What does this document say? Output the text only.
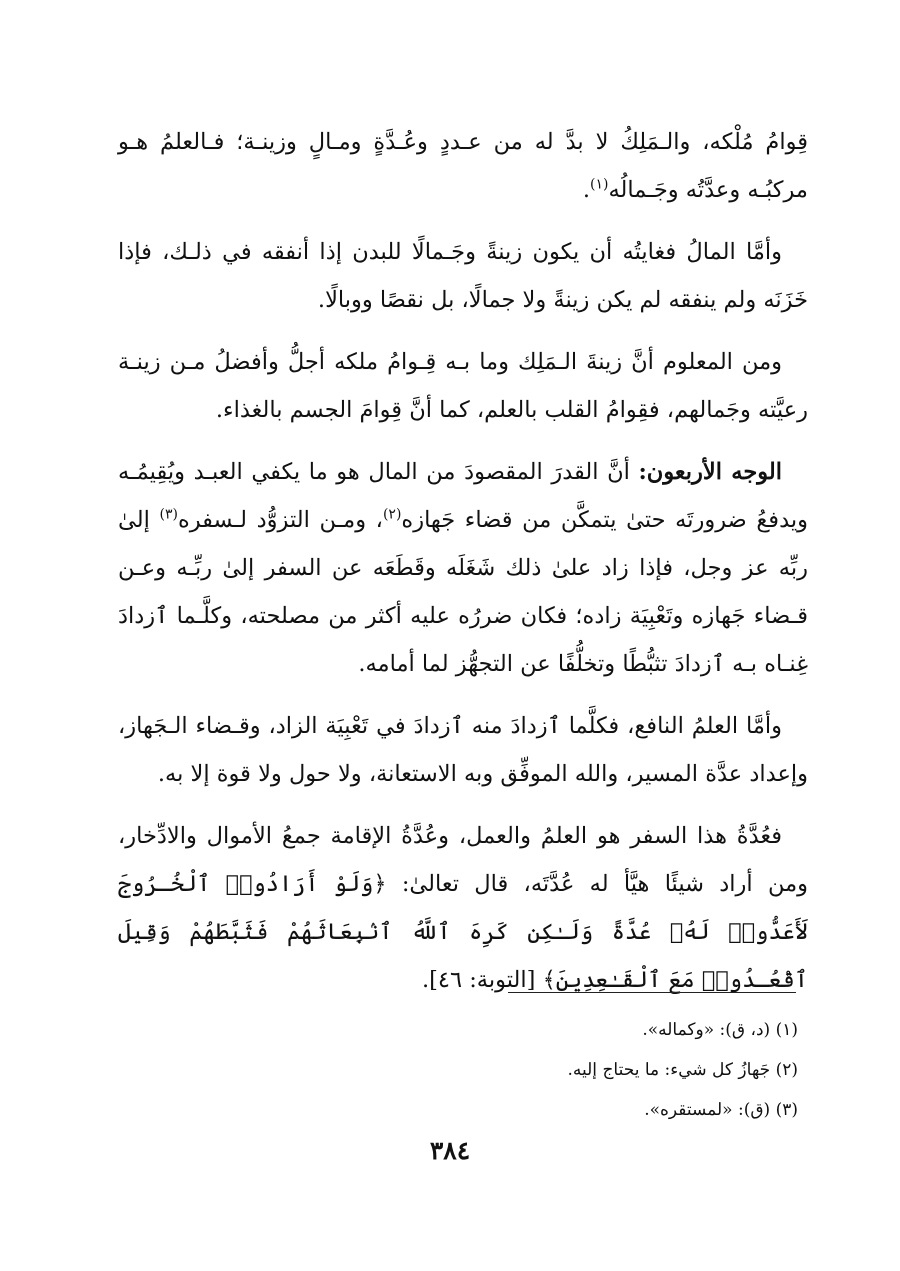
قِوامُ مُلْكه، والـمَلِكُ لا بدَّ له من عـددٍ وعُـدَّةٍ ومـالٍ وزينـة؛ فـالعلمُ هـو مركبُـه وعدَّتُه وجَـمالُه$^{(١)}$.

وأمَّا المالُ فغايتُه أن يكون زينةً وجَـمالًا للبدن إذا أنفقه في ذلـك، فإذا خَزَنَه ولم ينفقه لم يكن زينةً ولا جمالًا، بل نقصًا ووبالًا.

ومن المعلوم أنَّ زينةَ الـمَلِك وما بـه قِـوامُ ملكه أجلُّ وأفضلُ مـن زينـة رعيَّته وجَمالهم، فقِوامُ القلب بالعلم، كما أنَّ قِوامَ الجسم بالغذاء.

الوجه الأربعون: أنَّ القدرَ المقصودَ من المال هو ما يكفي العبـد ويُقِيمُـه ويدفعُ ضرورتَه حتىٰ يتمكَّن من قضاء جَهازه$^{(٢)}$، ومـن التزوُّد لـسفره$^{(٣)}$ إلىٰ ربِّه عز وجل، فإذا زاد علىٰ ذلك شَغَلَه وقَطَعَه عن السفر إلىٰ ربِّـه وعـن قـضاء جَهازه وتَعْبِيَة زاده؛ فكان ضررُه عليه أكثر من مصلحته، وكلَّـما ٱزدادَ غِنـاه بـه ٱزدادَ تثبُّطًا وتخلُّفًا عن التجهُّز لما أمامه.

وأمَّا العلمُ النافع، فكلَّما ٱزدادَ منه ٱزدادَ في تَعْبِيَة الزاد، وقـضاء الـجَهاز، وإعداد عدَّة المسير، والله الموفِّق وبه الاستعانة، ولا حول ولا قوة إلا به.

فعُدَّةُ هذا السفر هو العلمُ والعمل، وعُدَّةُ الإقامة جمعُ الأموال والادِّخار، ومن أراد شيئًا هيَّأ له عُدَّتَه، قال تعالىٰ: ﴿وَلَوْ أَرَادُوا۟ ٱلْخُـرُوجَ لَأَعَدُّوا۟ لَهُۥ عُدَّةً وَلَـٰكِن كَرِهَ ٱللَّهُ ٱنۢبِعَاثَهُمْ فَثَبَّطَهُمْ وَقِيلَ ٱقْعُـدُوا۟ مَعَ ٱلْقَـٰعِدِينَ﴾ [التوبة: ٤٦].

(١) (د، ق): «وكماله».

(٢) جَهازُ كل شيء: ما يحتاج إليه.

(٣) (ق): «لمستقره».

٣٨٤
